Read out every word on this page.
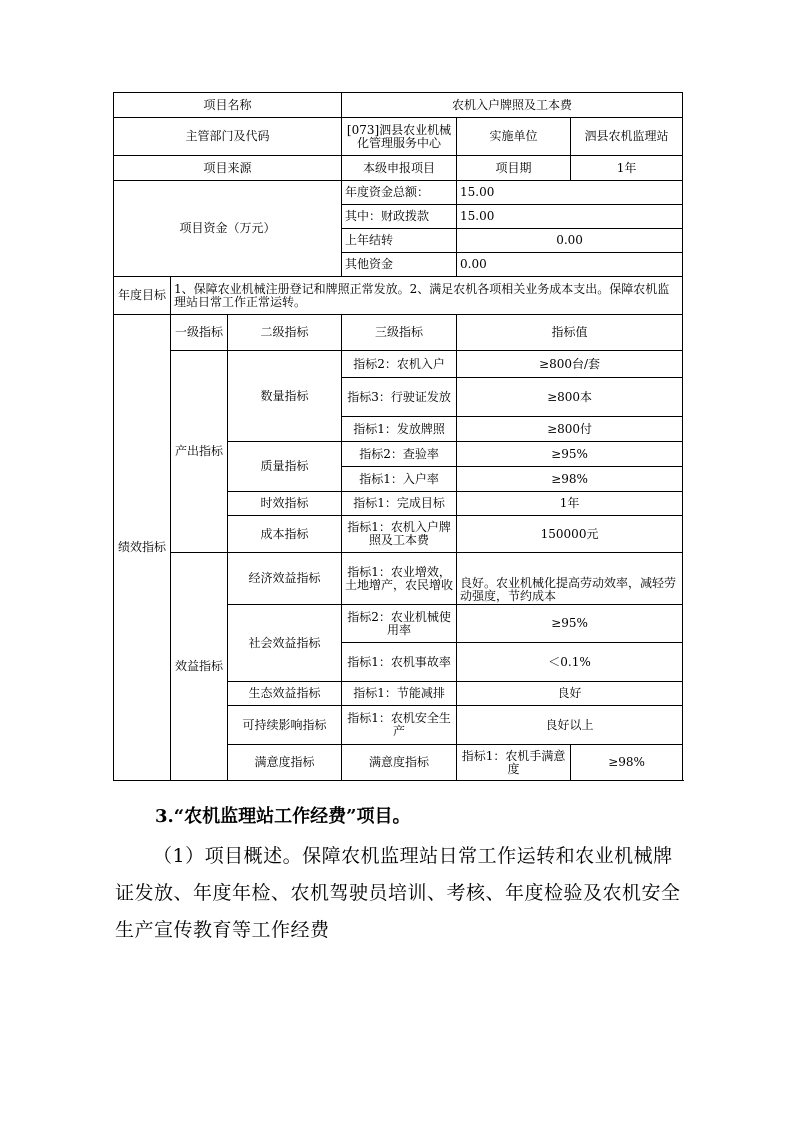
项目名称			农机入户牌照及工本费		
主管部门及代码			[073]泗县农业机械化管理服务中心	实施单位	泗县农机监理站
项目来源			本级申报项目	项目期	1年
项目资金（万元）			年度资金总额：	15.00	
			其中：财政拨款	15.00	
			上年结转	0.00	
			其他资金	0.00	
年度目标	1、保障农业机械注册登记和牌照正常发放。2、满足农机各项相关业务成本支出。保障农机监理站日常工作正常运转。				
绩效指标	一级指标	二级指标	三级指标	指标值	
	产出指标	数量指标	指标2：农机入户	≥800台/套	
			指标3：行驶证发放	≥800本	
			指标1：发放牌照	≥800付	
		质量指标	指标2：查验率	≥95%	
			指标1：入户率	≥98%	
		时效指标	指标1：完成目标	1年	
		成本指标	指标1：农机入户牌照及工本费	150000元	
	效益指标	经济效益指标	指标1：农业增效，土地增产，农民增收	良好。农业机械化提高劳动效率，减轻劳动强度，节约成本	
		社会效益指标	指标2：农业机械使用率	≥95%	
			指标1：农机事故率	＜0.1%	
		生态效益指标	指标1：节能减排	良好	
		可持续影响指标	指标1：农机安全生产	良好以上	
		满意度指标	满意度指标	指标1：农机手满意度	≥98%
3.“农机监理站工作经费”项目。

（1）项目概述。保障农机监理站日常工作运转和农业机械牌证发放、年度年检、农机驾驶员培训、考核、年度检验及农机安全生产宣传教育等工作经费
